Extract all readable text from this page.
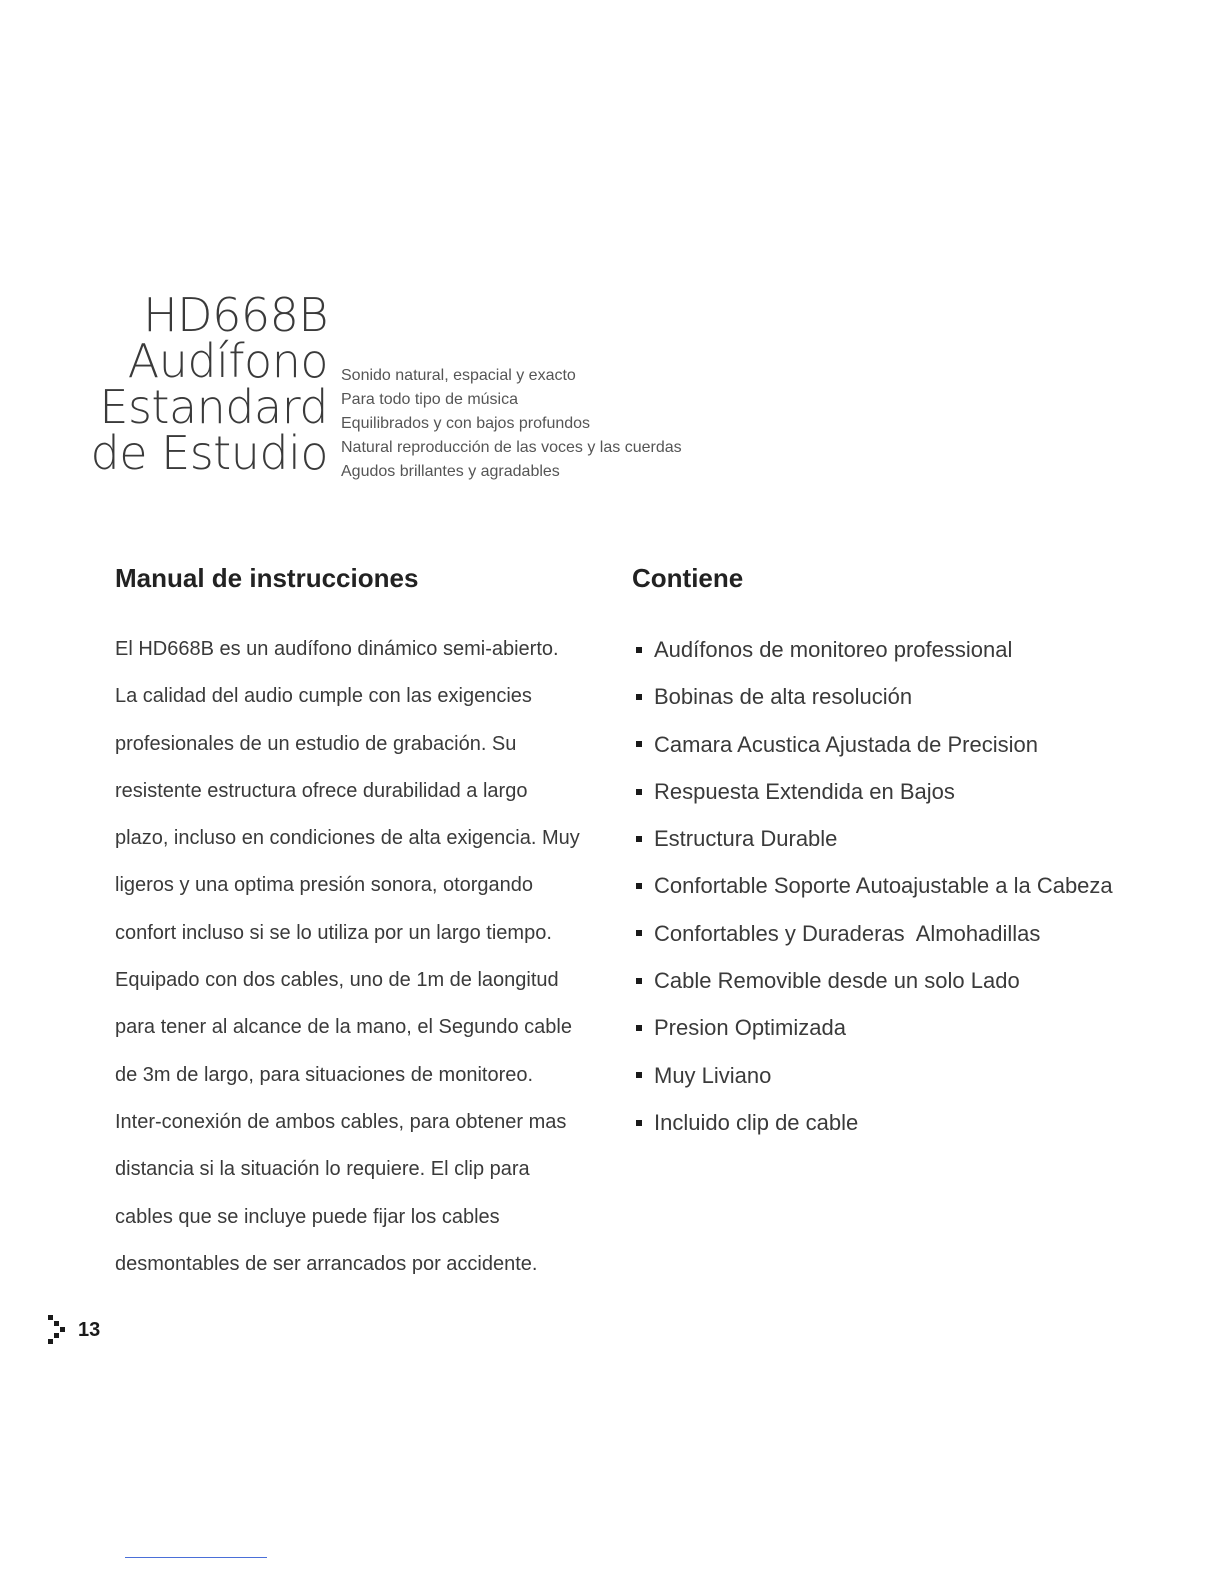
HD668B
Audífono
Estandard
de Estudio
Sonido natural, espacial y exacto
Para todo tipo de música
Equilibrados y con bajos profundos
Natural reproducción de las voces y las cuerdas
Agudos brillantes y agradables
Manual de instrucciones
El HD668B es un audífono dinámico semi-abierto.
La calidad del audio cumple con las exigencies
profesionales de un estudio de grabación. Su
resistente estructura ofrece durabilidad a largo
plazo, incluso en condiciones de alta exigencia. Muy
ligeros y una optima presión sonora, otorgando
confort incluso si se lo utiliza por un largo tiempo.
Equipado con dos cables, uno de 1m de laongitud
para tener al alcance de la mano, el Segundo cable
de 3m de largo, para situaciones de monitoreo.
Inter-conexión de ambos cables, para obtener mas
distancia si la situación lo requiere. El clip para
cables que se incluye puede fijar los cables
desmontables de ser arrancados por accidente.
Contiene
Audífonos de monitoreo professional
Bobinas de alta resolución
Camara Acustica Ajustada de Precision
Respuesta Extendida en Bajos
Estructura Durable
Confortable Soporte Autoajustable a la Cabeza
Confortables y Duraderas  Almohadillas
Cable Removible desde un solo Lado
Presion Optimizada
Muy Liviano
Incluido clip de cable
13
